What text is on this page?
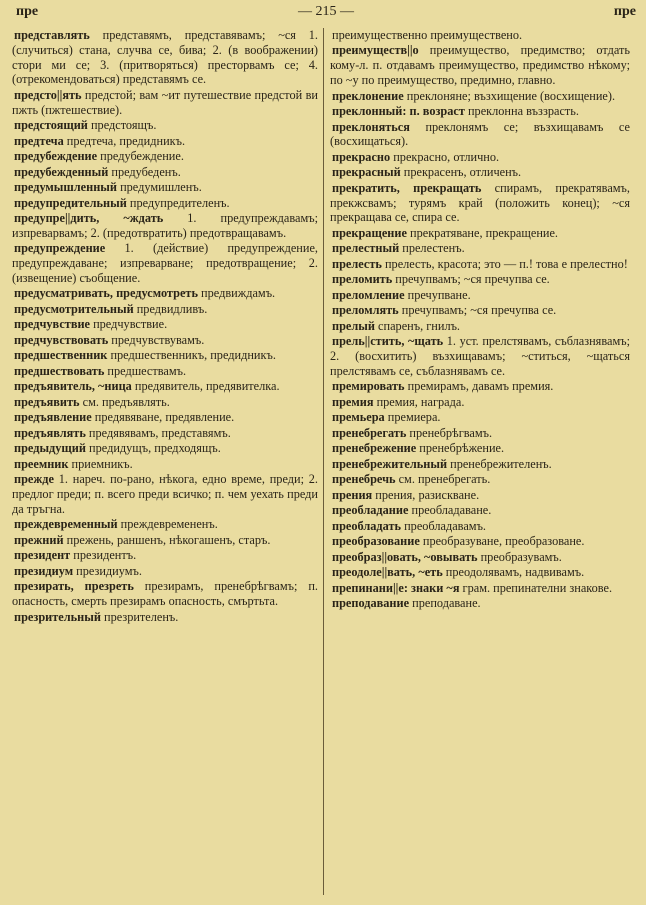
пре	— 215 —	пре
представлять представямъ, представявамъ; ~ся 1. (случиться) стана, случва се, бива; 2. (в воображении) стори ми се; 3. (притворяться) престорвамъ се; 4. (отрекомендоваться) представямъ се.
предсто||ять предстой; вам ~ит путешествие предстой ви пжть (пжтешествие).
предстоящий предстоящъ.
предтеча предтеча, предидникъ.
предубеждение предубеждение.
предубежденный предубеденъ.
предумышленный предумишленъ.
предупредительный предупредителенъ.
предупре||дить, ~ждать 1. предупреждавамъ; изпреварвамъ; 2. (предотвратить) предотвращавамъ.
предупреждение 1. (действие) предупреждение, предупреждаване; изпреварване; предотвращение; 2. (извещение) съобщение.
предусматривать, предусмотреть предвиждамъ.
предусмотрительный предвидливъ.
предчувствие предчувствие.
предчувствовать предчувствувамъ.
предшественник предшественникъ, предидникъ.
предшествовать предшествамъ.
предъявитель, ~ница предявитель, предявителка.
предъявить см. предъявлять.
предъявление предявяване, предявление.
предъявлять предявявамъ, представямъ.
предыдущий предидущъ, предходящъ.
преемник приемникъ.
прежде 1. нареч. по-рано, нѣкога, едно време, преди; 2. предлог преди; п. всего преди всичко; п. чем уехать преди да тръгна.
преждевременный преждевремененъ.
прежний прежень, раншенъ, нѣкогашенъ, старъ.
президент президентъ.
президиум президиумъ.
презирать, презреть презирамъ, пренебрѣгвамъ; п. опасность, смерть презирамъ опасность, смъртьта.
презрительный презрителенъ.
преимущественно преимуществено.
преимуществ||о преимущество, предимство; отдать кому-л. п. отдавамъ преимущество, предимство нѣкому; по ~у по преимущество, предимно, главно.
преклонение преклоняне; възхищение (восхищение).
преклонный: п. возраст преклонна въззрасть.
преклоняться преклонямъ се; възхищавамъ се (восхищаться).
прекрасно прекрасно, отлично.
прекрасный прекрасенъ, отличенъ.
прекратить, прекращать спирамъ, прекратявамъ, прекжсвамъ; турямъ край (положить конец); ~ся прекращава се, спира се.
прекращение прекратяване, прекращение.
прелестный прелестенъ.
прелесть прелесть, красота; это — п.! това е прелестно!
преломить пречупвамъ; ~ся пречупва се.
преломление пречупване.
преломлять пречупвамъ; ~ся пречупва се.
прелый спаренъ, гнилъ.
прель||стить, ~щать 1. уст. прелстявамъ, съблазнявамъ; 2. (восхитить) възхищавамъ; ~ститься, ~щаться прелстявамъ се, съблазнявамъ се.
премировать премирамъ, давамъ премия.
премия премия, награда.
премьера премиера.
пренебрегать пренебрѣгвамъ.
пренебрежение пренебрѣжение.
пренебрежительный пренебрежителенъ.
пренебречь см. пренебрегать.
прения прения, разискване.
преобладание преобладаване.
преобладать преобладавамъ.
преобразование преобразуване, преобразоване.
преобраз||овать, ~овывать преобразувамъ.
преодоле||вать, ~еть преодолявамъ, надвивамъ.
препинани||е: знаки ~я грам. препинателни знакове.
преподавание преподаване.
